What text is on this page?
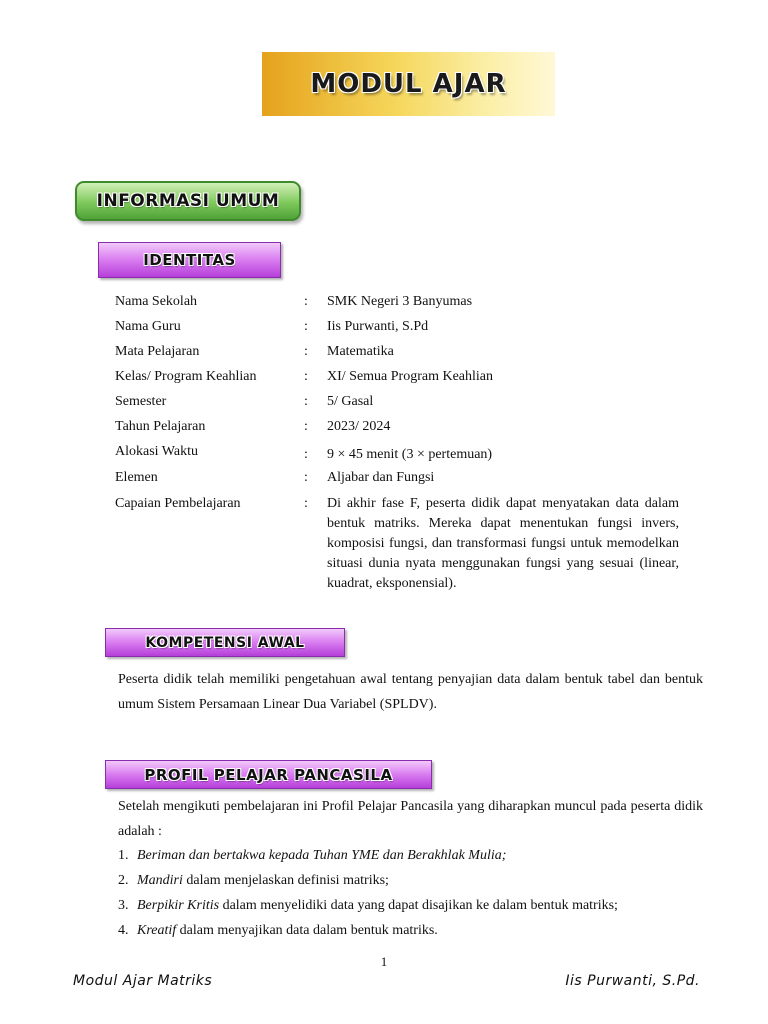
MODUL AJAR
INFORMASI UMUM
IDENTITAS
Nama Sekolah	: SMK Negeri 3 Banyumas
Nama Guru	: Iis Purwanti, S.Pd
Mata Pelajaran	: Matematika
Kelas/ Program Keahlian	: XI/ Semua Program Keahlian
Semester	: 5/ Gasal
Tahun Pelajaran	: 2023/ 2024
Alokasi Waktu	: 9 × 45 menit (3 × pertemuan)
Elemen	: Aljabar dan Fungsi
Capaian Pembelajaran	: Di akhir fase F, peserta didik dapat menyatakan data dalam bentuk matriks. Mereka dapat menentukan fungsi invers, komposisi fungsi, dan transformasi fungsi untuk memodelkan situasi dunia nyata menggunakan fungsi yang sesuai (linear, kuadrat, eksponensial).
KOMPETENSI AWAL
Peserta didik telah memiliki pengetahuan awal tentang penyajian data dalam bentuk tabel dan bentuk umum Sistem Persamaan Linear Dua Variabel (SPLDV).
PROFIL PELAJAR PANCASILA
Setelah mengikuti pembelajaran ini Profil Pelajar Pancasila yang diharapkan muncul pada peserta didik adalah :
1. Beriman dan bertakwa kepada Tuhan YME dan Berakhlak Mulia;
2. Mandiri dalam menjelaskan definisi matriks;
3. Berpikir Kritis dalam menyelidiki data yang dapat disajikan ke dalam bentuk matriks;
4. Kreatif dalam menyajikan data dalam bentuk matriks.
1
Modul Ajar Matriks	Iis Purwanti, S.Pd.
